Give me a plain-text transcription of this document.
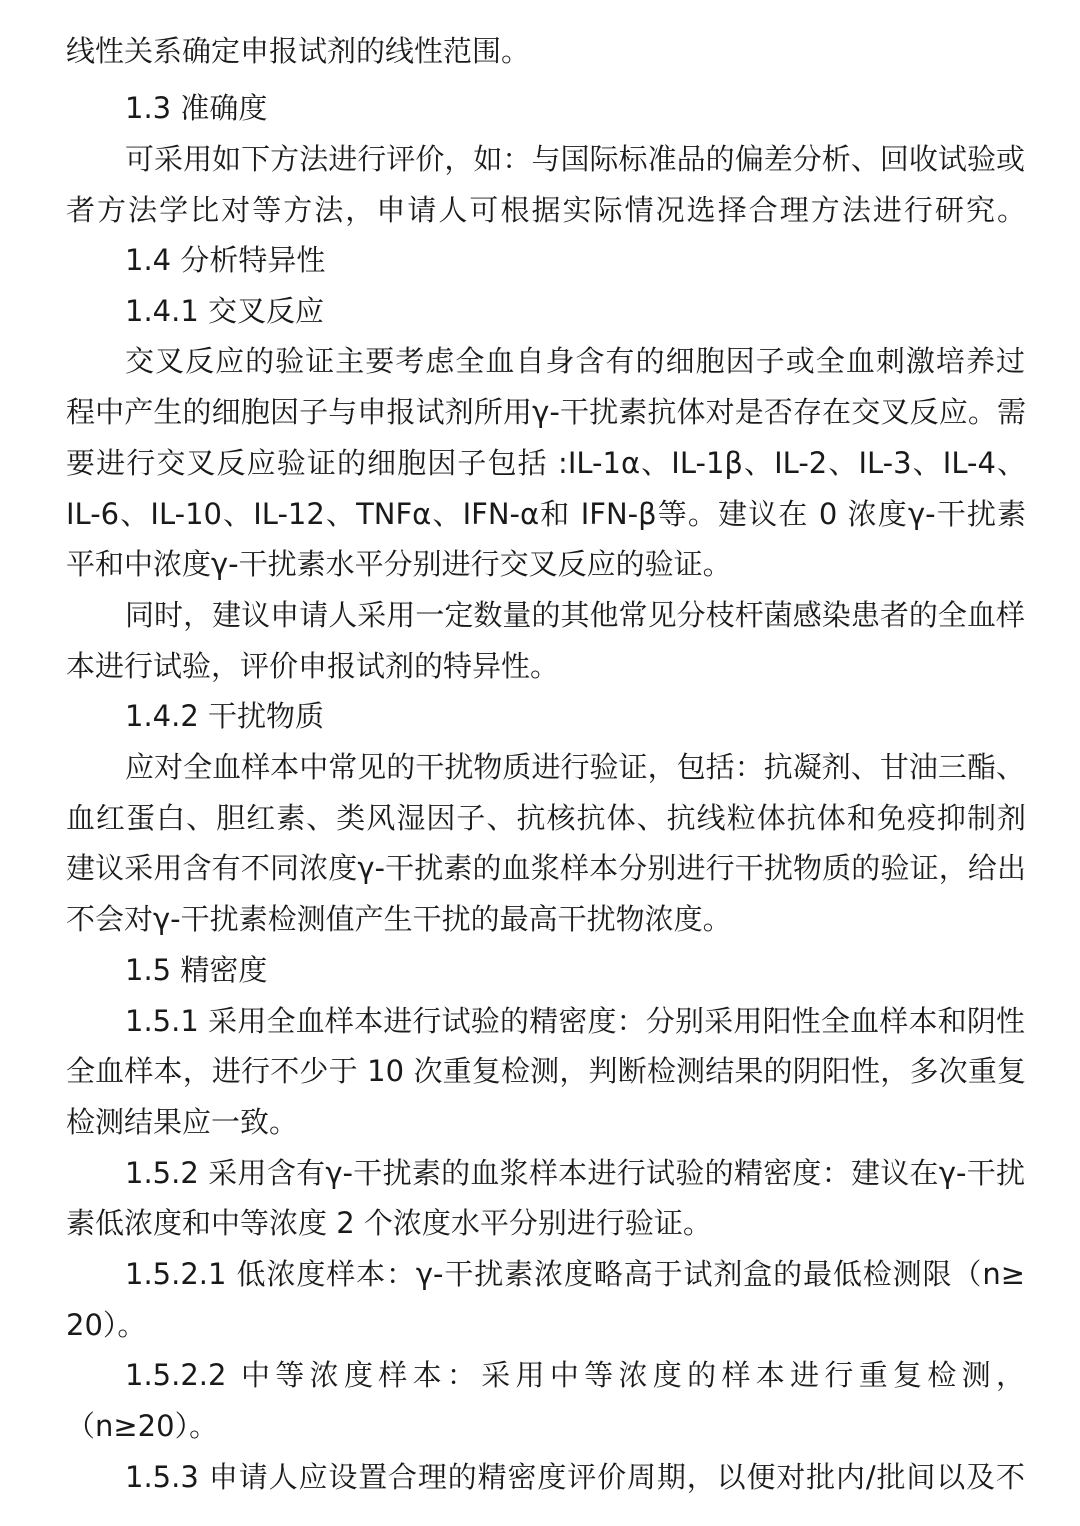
线性关系确定申报试剂的线性范围。
1.3 准确度
可采用如下方法进行评价，如：与国际标准品的偏差分析、回收试验或
者方法学比对等方法，申请人可根据实际情况选择合理方法进行研究。
1.4 分析特异性
1.4.1 交叉反应
交叉反应的验证主要考虑全血自身含有的细胞因子或全血刺激培养过
程中产生的细胞因子与申报试剂所用γ-干扰素抗体对是否存在交叉反应。需
要进行交叉反应验证的细胞因子包括 :IL-1α、IL-1β、IL-2、IL-3、IL-4、
IL-6、IL-10、IL-12、TNFα、IFN-α和 IFN-β等。建议在 0 浓度γ-干扰素
平和中浓度γ-干扰素水平分别进行交叉反应的验证。
同时，建议申请人采用一定数量的其他常见分枝杆菌感染患者的全血样
本进行试验，评价申报试剂的特异性。
1.4.2 干扰物质
应对全血样本中常见的干扰物质进行验证，包括：抗凝剂、甘油三酯、
血红蛋白、胆红素、类风湿因子、抗核抗体、抗线粒体抗体和免疫抑制剂
建议采用含有不同浓度γ-干扰素的血浆样本分别进行干扰物质的验证，给出
不会对γ-干扰素检测值产生干扰的最高干扰物浓度。
1.5 精密度
1.5.1 采用全血样本进行试验的精密度：分别采用阳性全血样本和阴性
全血样本，进行不少于 10 次重复检测，判断检测结果的阴阳性，多次重复
检测结果应一致。
1.5.2 采用含有γ-干扰素的血浆样本进行试验的精密度：建议在γ-干扰
素低浓度和中等浓度 2 个浓度水平分别进行验证。
1.5.2.1 低浓度样本：γ-干扰素浓度略高于试剂盒的最低检测限（n≥
20）。
1.5.2.2 中等浓度样本：采用中等浓度的样本进行重复检测，
（n≥20）。
1.5.3 申请人应设置合理的精密度评价周期，以便对批内/批间以及不
